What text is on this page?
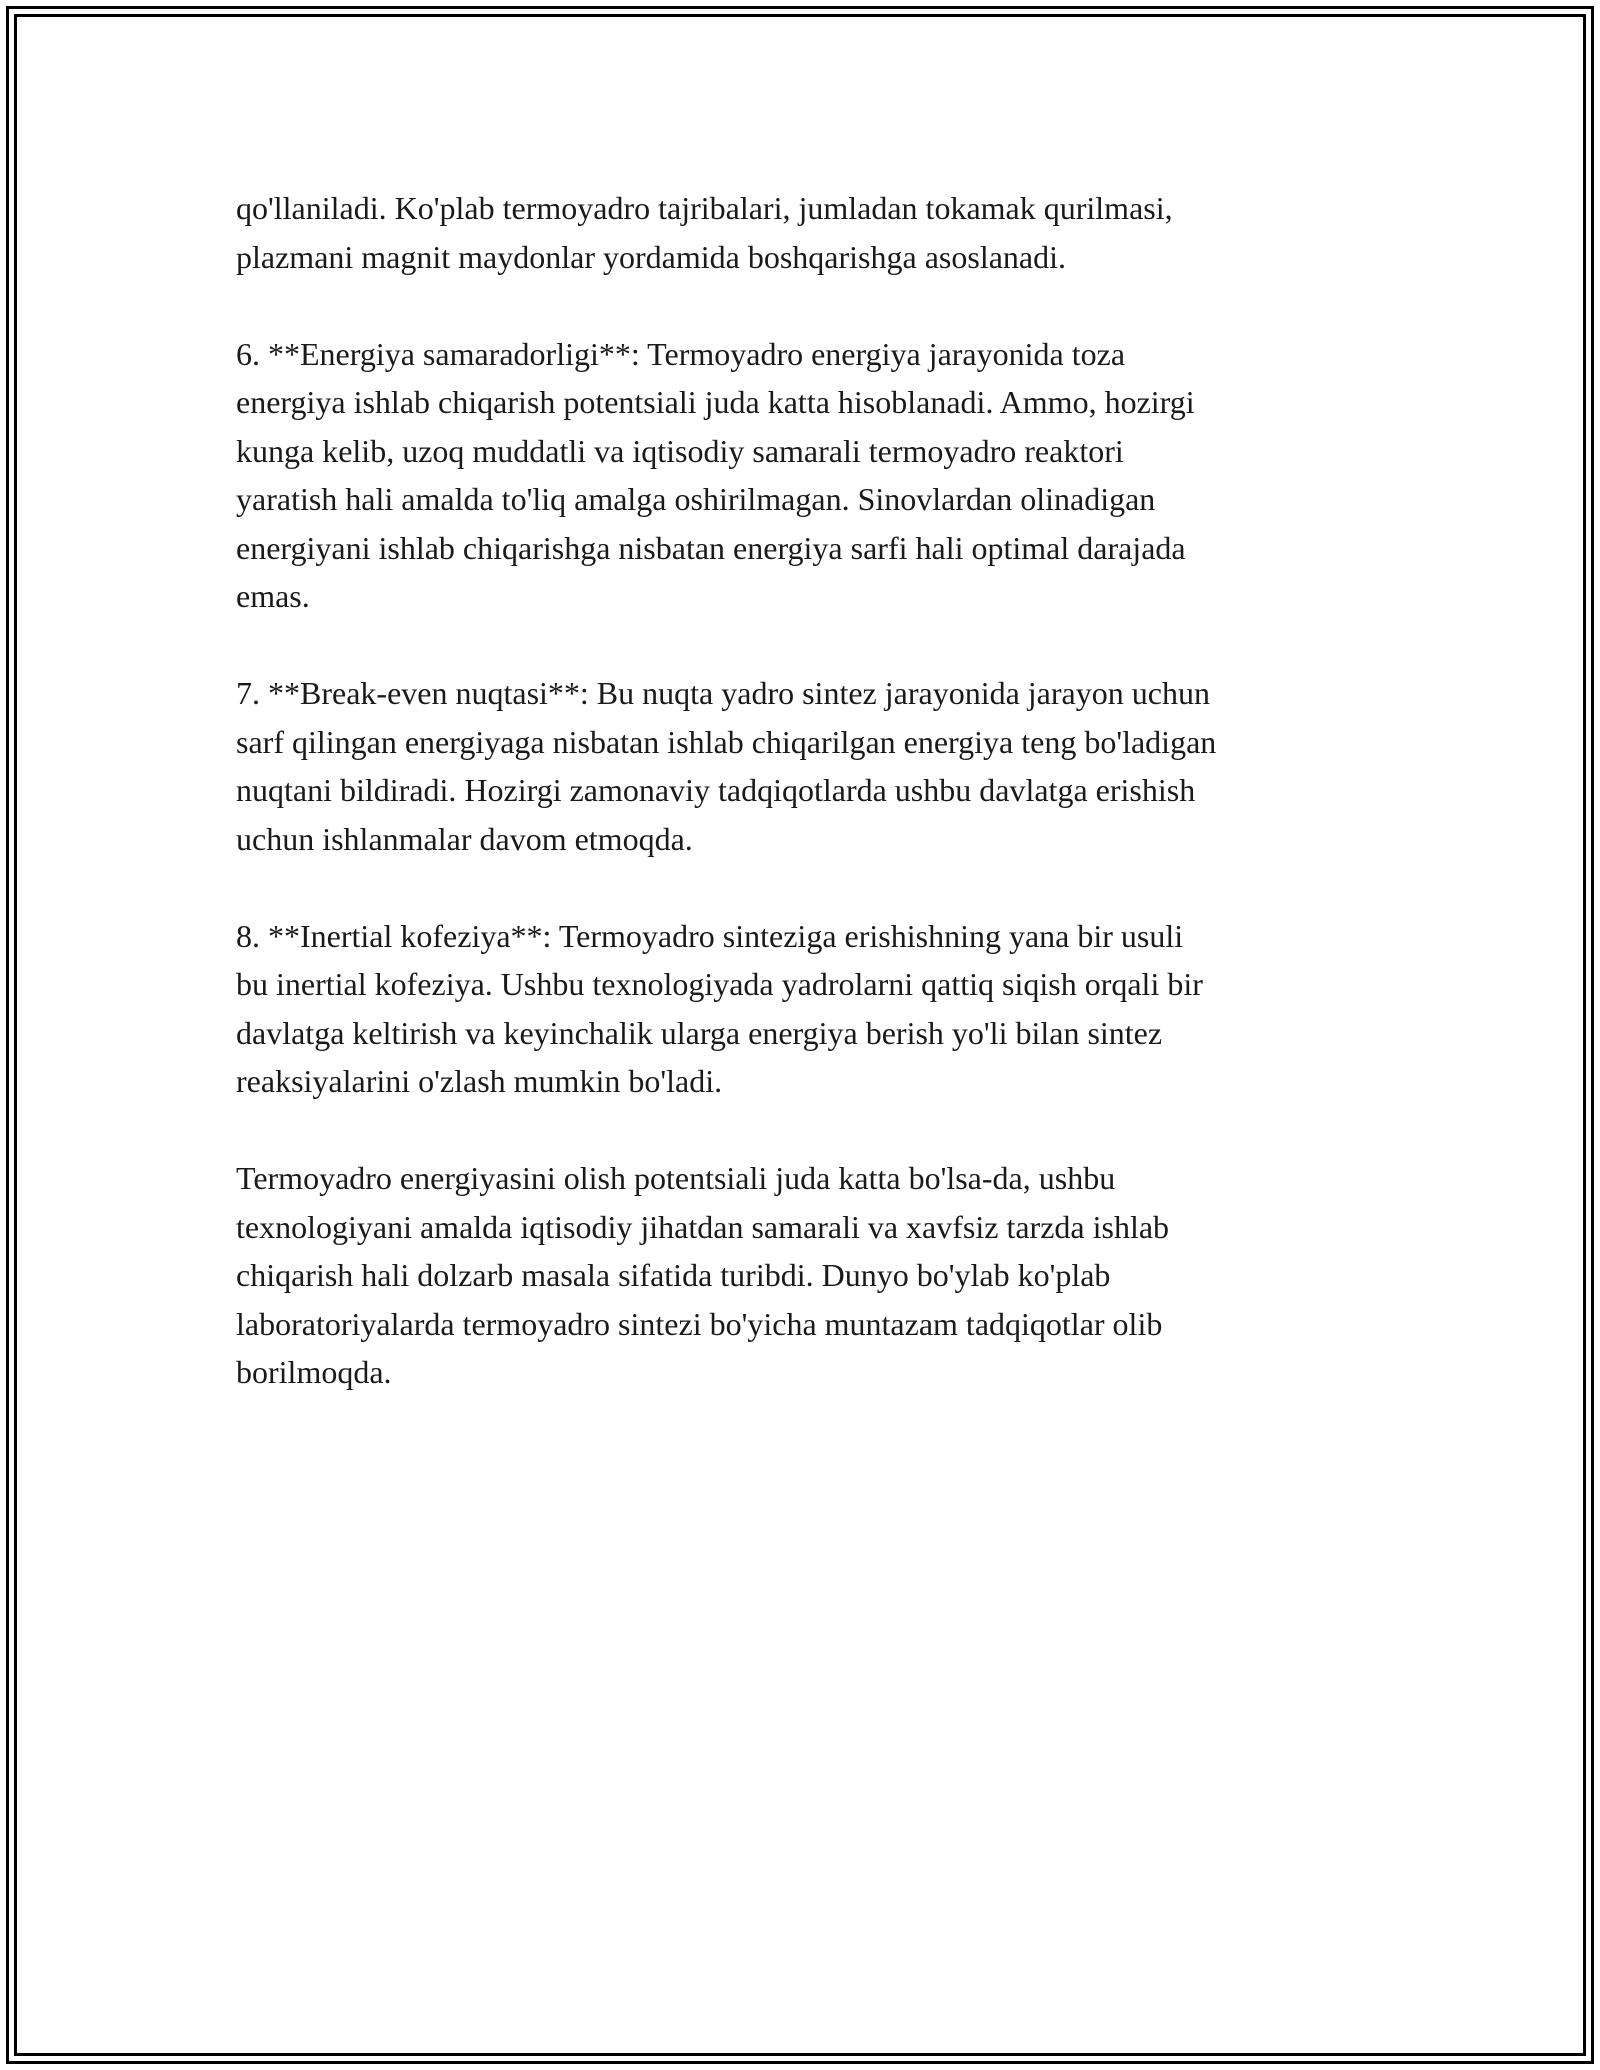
qo'llaniladi. Ko'plab termoyadro tajribalari, jumladan tokamak qurilmasi,
plazmani magnit maydonlar yordamida boshqarishga asoslanadi.

6. **Energiya samaradorligi**: Termoyadro energiya jarayonida toza
energiya ishlab chiqarish potentsiali juda katta hisoblanadi. Ammo, hozirgi
kunga kelib, uzoq muddatli va iqtisodiy samarali termoyadro reaktori
yaratish hali amalda to'liq amalga oshirilmagan. Sinovlardan olinadigan
energiyani ishlab chiqarishga nisbatan energiya sarfi hali optimal darajada
emas.

7. **Break-even nuqtasi**: Bu nuqta yadro sintez jarayonida jarayon uchun
sarf qilingan energiyaga nisbatan ishlab chiqarilgan energiya teng bo'ladigan
nuqtani bildiradi. Hozirgi zamonaviy tadqiqotlarda ushbu davlatga erishish
uchun ishlanmalar davom etmoqda.

8. **Inertial kofeziya**: Termoyadro sinteziga erishishning yana bir usuli
bu inertial kofeziya. Ushbu texnologiyada yadrolarni qattiq siqish orqali bir
davlatga keltirish va keyinchalik ularga energiya berish yo'li bilan sintez
reaksiyalarini o'zlash mumkin bo'ladi.

Termoyadro energiyasini olish potentsiali juda katta bo'lsa-da, ushbu
texnologiyani amalda iqtisodiy jihatdan samarali va xavfsiz tarzda ishlab
chiqarish hali dolzarb masala sifatida turibdi. Dunyo bo'ylab ko'plab
laboratoriyalarda termoyadro sintezi bo'yicha muntazam tadqiqotlar olib
borilmoqda.
